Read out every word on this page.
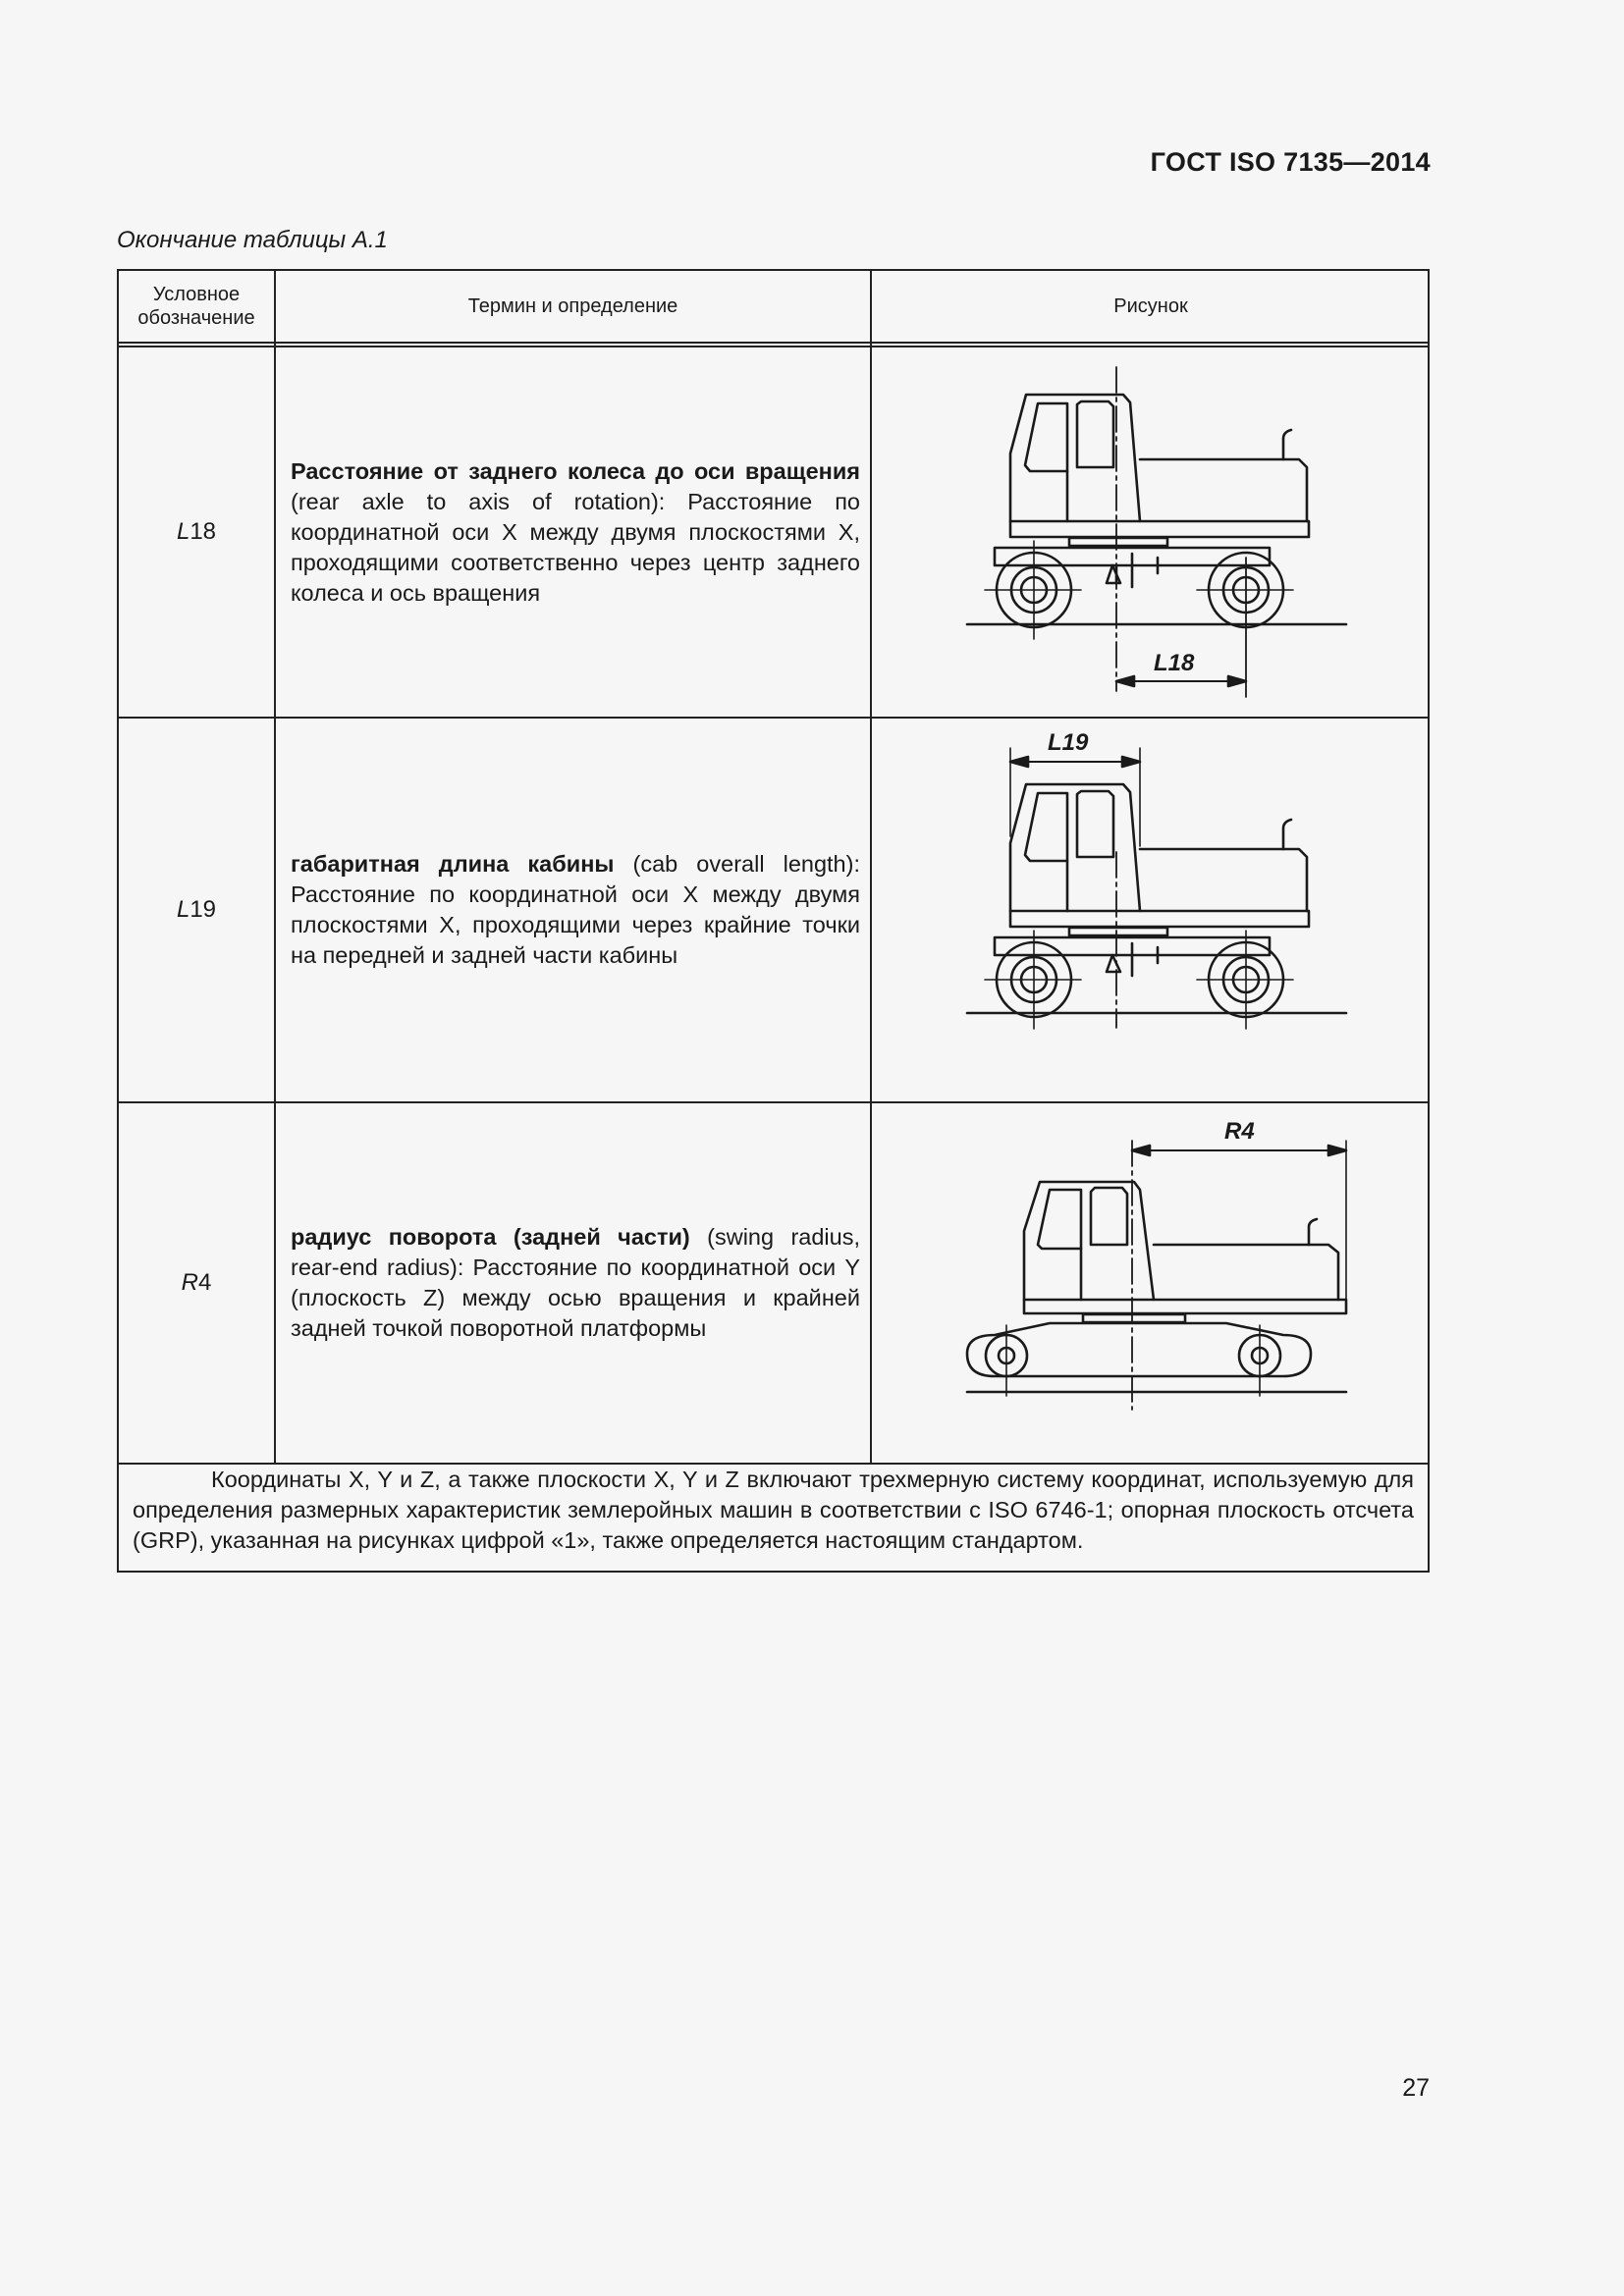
ГОСТ ISO 7135—2014
Окончание таблицы А.1
Условное обозначение
Термин и определение	Рисунок
L18

Расстояние от заднего колеса до оси вращения (rear axle to axis of rotation): Расстояние по координатной оси X между двумя плоскостями X, проходящими соответственно через центр заднего колеса и ось вращения

L18
L19

габаритная длина кабины (cab overall length): Расстояние по координатной оси X между двумя плоскостями X, проходящими через крайние точки на передней и задней части кабины

L19
R4

радиус поворота (задней части) (swing radius, rear-end radius): Расстояние по координатной оси Y (плоскость Z) между осью вращения и крайней задней точкой поворотной платформы

R4

Координаты X, Y и Z, а также плоскости X, Y и Z включают трехмерную систему координат, используемую для определения размерных характеристик землеройных машин в соответствии с ISO 6746-1; опорная плоскость отсчета (GRP), указанная на рисунках цифрой «1», также определяется настоящим стандартом.

27
